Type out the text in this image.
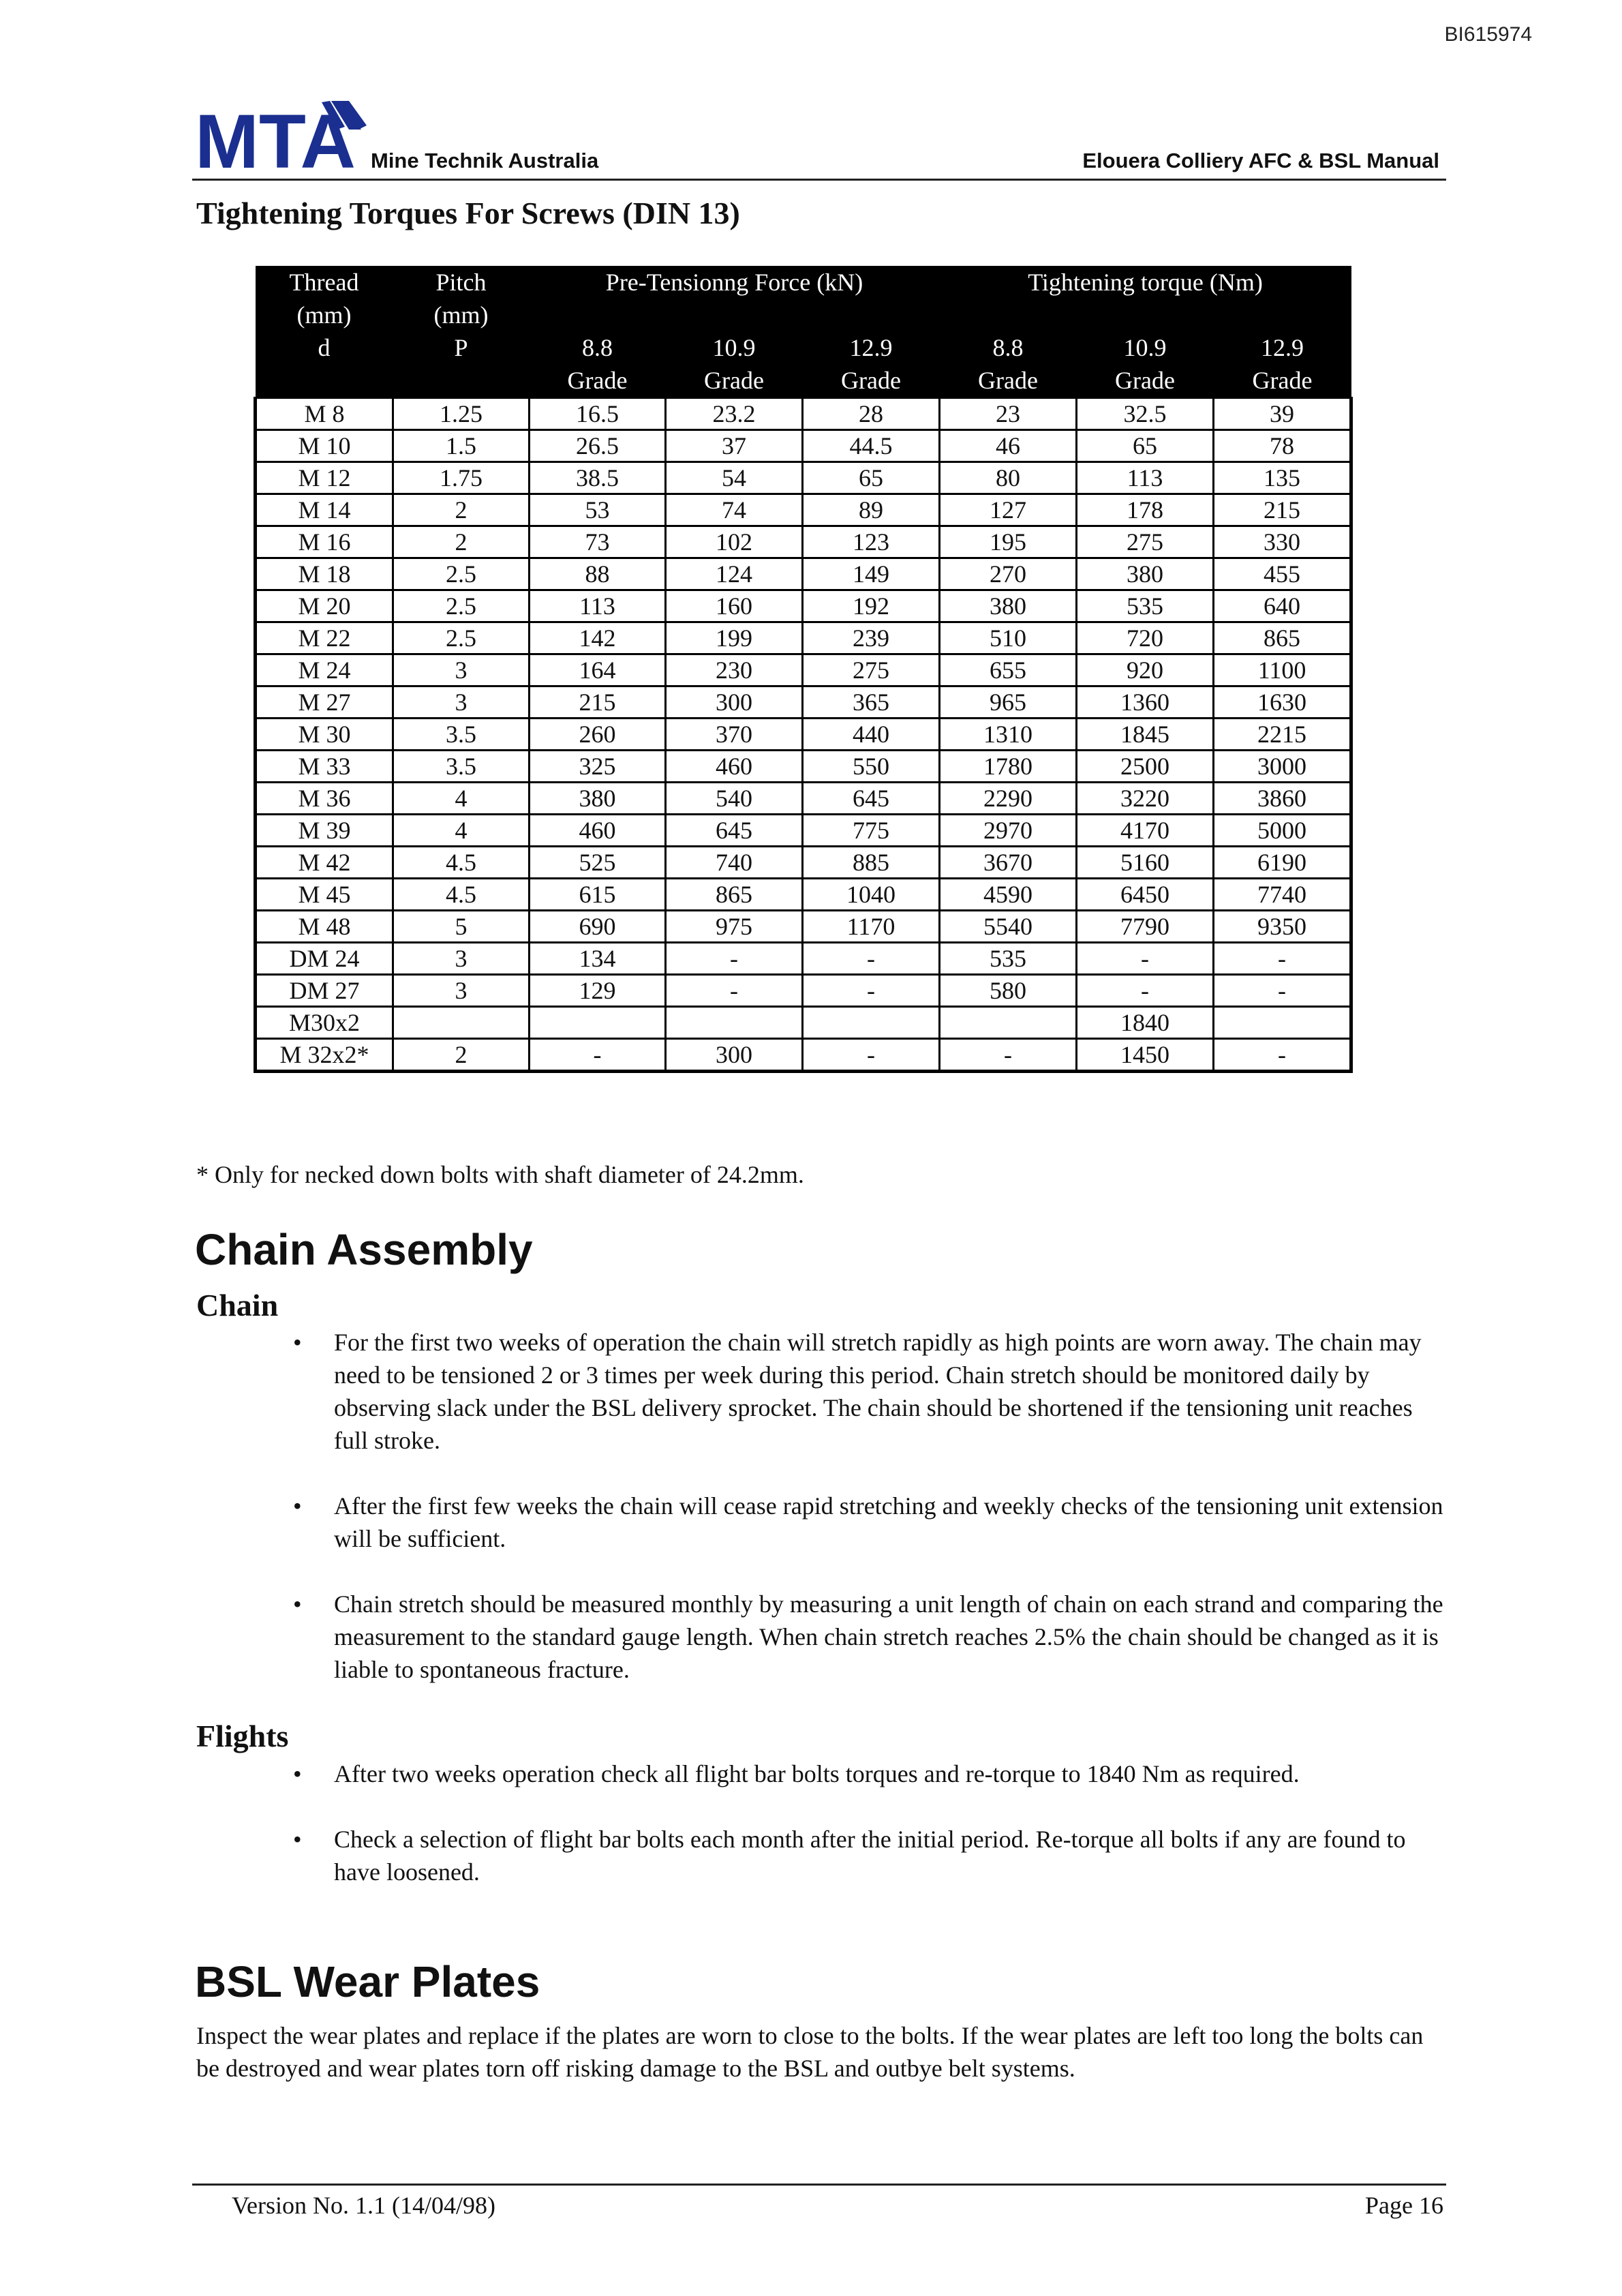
BI615974
MTA Mine Technik Australia	Elouera Colliery AFC & BSL Manual
Tightening Torques For Screws (DIN 13)
Thread	Pitch	Pre-Tensionng Force (kN)			Tightening torque (Nm)		
(mm)	(mm)						
d	P	8.8	10.9	12.9	8.8	10.9	12.9
		Grade	Grade	Grade	Grade	Grade	Grade
M 8	1.25	16.5	23.2	28	23	32.5	39
M 10	1.5	26.5	37	44.5	46	65	78
M 12	1.75	38.5	54	65	80	113	135
M 14	2	53	74	89	127	178	215
M 16	2	73	102	123	195	275	330
M 18	2.5	88	124	149	270	380	455
M 20	2.5	113	160	192	380	535	640
M 22	2.5	142	199	239	510	720	865
M 24	3	164	230	275	655	920	1100
M 27	3	215	300	365	965	1360	1630
M 30	3.5	260	370	440	1310	1845	2215
M 33	3.5	325	460	550	1780	2500	3000
M 36	4	380	540	645	2290	3220	3860
M 39	4	460	645	775	2970	4170	5000
M 42	4.5	525	740	885	3670	5160	6190
M 45	4.5	615	865	1040	4590	6450	7740
M 48	5	690	975	1170	5540	7790	9350
DM 24	3	134	-	-	535	-	-
DM 27	3	129	-	-	580	-	-
M30x2						1840	
M 32x2*	2	-	300	-	-	1450	-
* Only for necked down bolts with shaft diameter of 24.2mm.
Chain Assembly
Chain
• For the first two weeks of operation the chain will stretch rapidly as high points are worn away. The chain may need to be tensioned 2 or 3 times per week during this period. Chain stretch should be monitored daily by observing slack under the BSL delivery sprocket. The chain should be shortened if the tensioning unit reaches full stroke.
• After the first few weeks the chain will cease rapid stretching and weekly checks of the tensioning unit extension will be sufficient.
• Chain stretch should be measured monthly by measuring a unit length of chain on each strand and comparing the measurement to the standard gauge length. When chain stretch reaches 2.5% the chain should be changed as it is liable to spontaneous fracture.
Flights
• After two weeks operation check all flight bar bolts torques and re-torque to 1840 Nm as required.
• Check a selection of flight bar bolts each month after the initial period. Re-torque all bolts if any are found to have loosened.
BSL Wear Plates
Inspect the wear plates and replace if the plates are worn to close to the bolts. If the wear plates are left too long the bolts can be destroyed and wear plates torn off risking damage to the BSL and outbye belt systems.
Version No. 1.1 (14/04/98)	Page 16
